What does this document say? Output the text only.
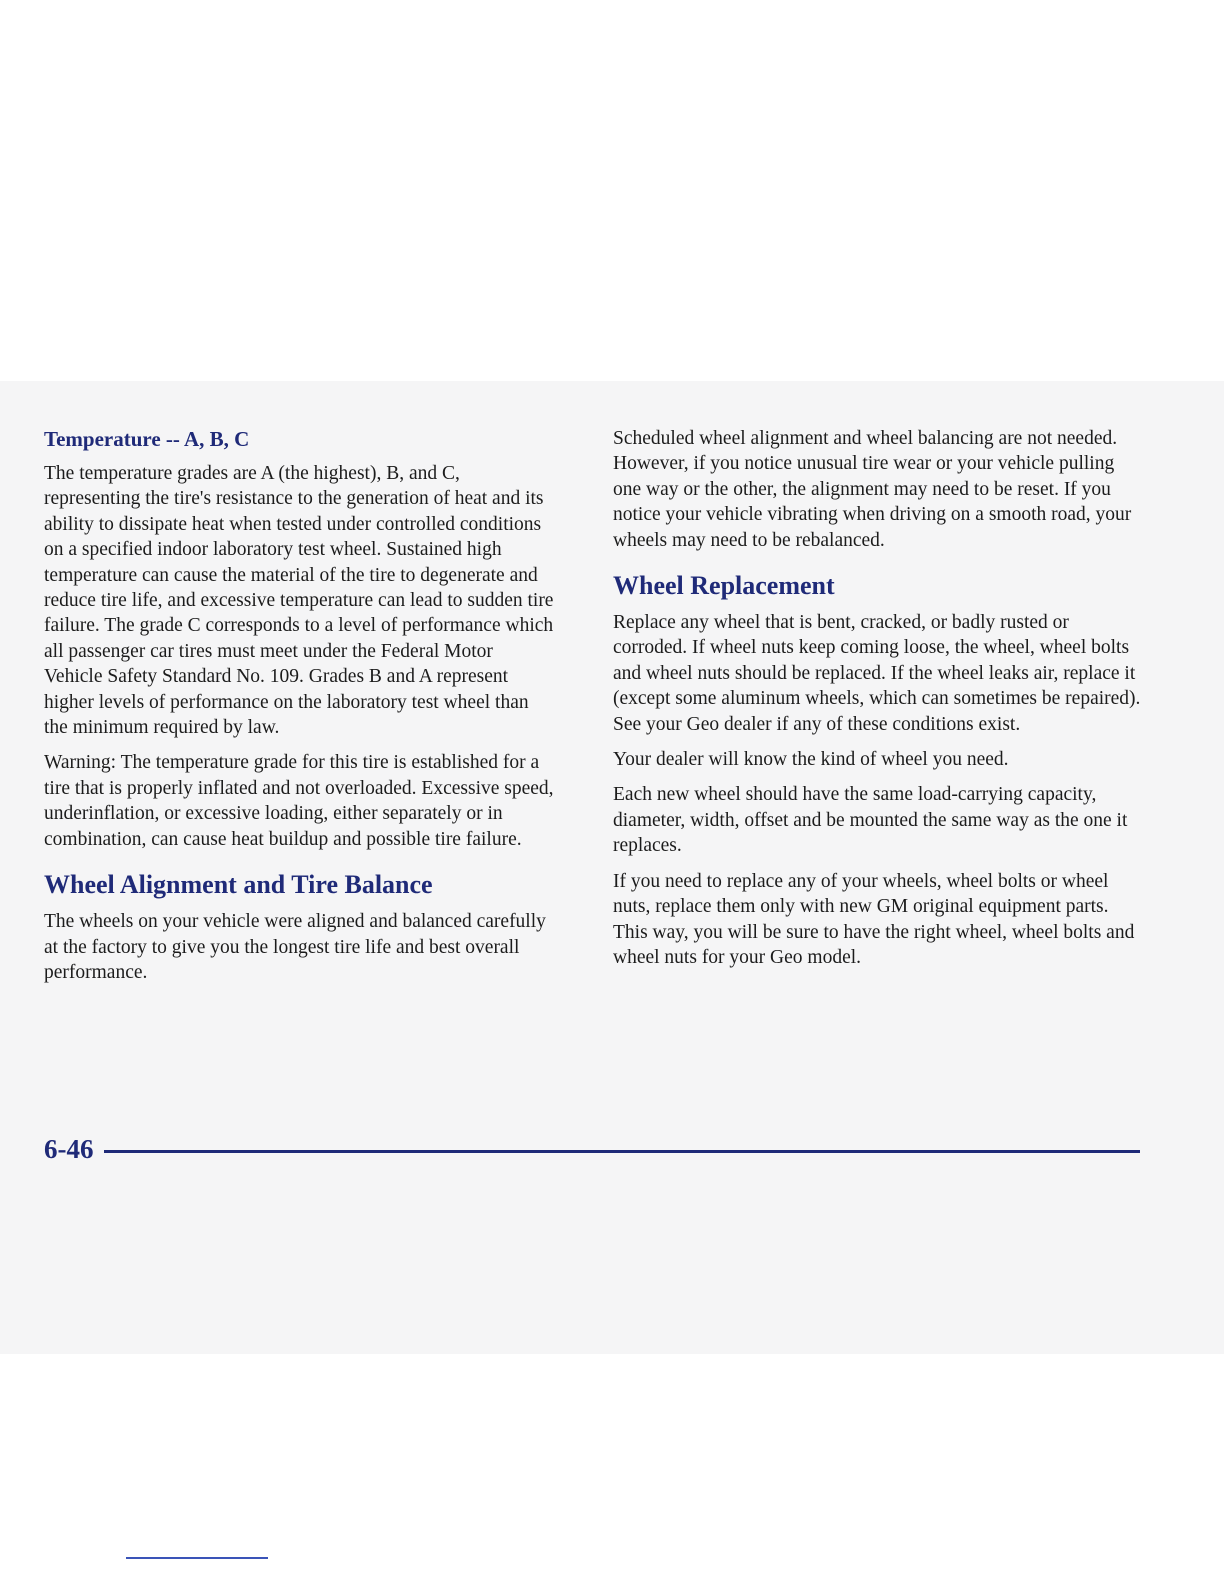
Temperature -- A, B, C

The temperature grades are A (the highest), B, and C, representing the tire's resistance to the generation of heat and its ability to dissipate heat when tested under controlled conditions on a specified indoor laboratory test wheel. Sustained high temperature can cause the material of the tire to degenerate and reduce tire life, and excessive temperature can lead to sudden tire failure. The grade C corresponds to a level of performance which all passenger car tires must meet under the Federal Motor Vehicle Safety Standard No. 109. Grades B and A represent higher levels of performance on the laboratory test wheel than the minimum required by law.

Warning: The temperature grade for this tire is established for a tire that is properly inflated and not overloaded. Excessive speed, underinflation, or excessive loading, either separately or in combination, can cause heat buildup and possible tire failure.

Wheel Alignment and Tire Balance

The wheels on your vehicle were aligned and balanced carefully at the factory to give you the longest tire life and best overall performance.

Scheduled wheel alignment and wheel balancing are not needed. However, if you notice unusual tire wear or your vehicle pulling one way or the other, the alignment may need to be reset. If you notice your vehicle vibrating when driving on a smooth road, your wheels may need to be rebalanced.

Wheel Replacement

Replace any wheel that is bent, cracked, or badly rusted or corroded. If wheel nuts keep coming loose, the wheel, wheel bolts and wheel nuts should be replaced. If the wheel leaks air, replace it (except some aluminum wheels, which can sometimes be repaired). See your Geo dealer if any of these conditions exist.

Your dealer will know the kind of wheel you need.

Each new wheel should have the same load-carrying capacity, diameter, width, offset and be mounted the same way as the one it replaces.

If you need to replace any of your wheels, wheel bolts or wheel nuts, replace them only with new GM original equipment parts. This way, you will be sure to have the right wheel, wheel bolts and wheel nuts for your Geo model.

6-46
